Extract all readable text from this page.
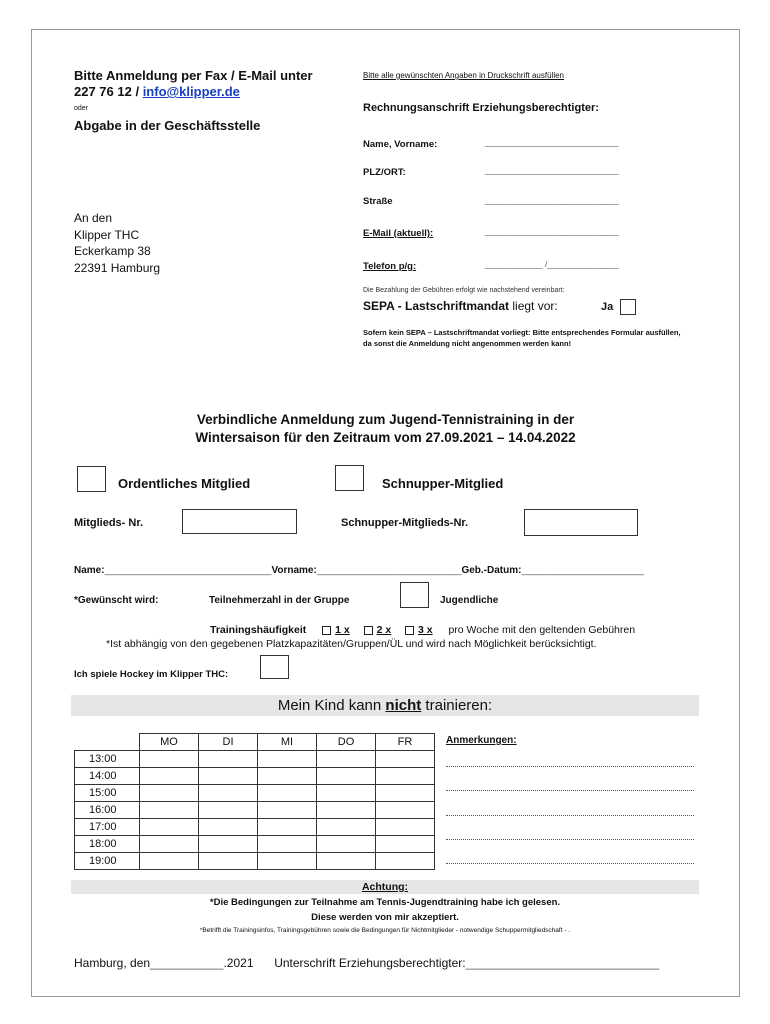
Bitte Anmeldung per Fax / E-Mail unter
227 76 12 / info@klipper.de
oder
Abgabe in der Geschäftsstelle
An den
Klipper THC
Eckerkamp 38
22391 Hamburg
Bitte alle gewünschten Angaben in Druckschrift ausfüllen
Rechnungsanschrift Erziehungsberechtigter:
Name, Vorname:	______________________________
PLZ/ORT:	______________________________
Straße	______________________________
E-Mail (aktuell):	______________________________
Telefon p/g:	_____________ /________________
Die Bezahlung der Gebühren erfolgt wie nachstehend vereinbart:
SEPA - Lastschriftmandat liegt vor:	Ja
Sofern kein SEPA – Lastschriftmandat vorliegt: Bitte entsprechendes Formular ausfüllen, da sonst die Anmeldung nicht angenommen werden kann!
Verbindliche Anmeldung zum Jugend-Tennistraining in der
Wintersaison für den Zeitraum vom 27.09.2021 – 14.04.2022
Ordentliches Mitglied	Schnupper-Mitglied
Mitglieds- Nr.	Schnupper-Mitglieds-Nr.
Name:______________________________Vorname:__________________________Geb.-Datum:______________________
*Gewünscht wird:	Teilnehmerzahl in der Gruppe	Jugendliche
Trainingshäufigkeit	1 x	2 x	3 x pro Woche mit den geltenden Gebühren
*Ist abhängig von den gegebenen Platzkapazitäten/Gruppen/ÜL und wird nach Möglichkeit berücksichtigt.
Ich spiele Hockey im Klipper THC:
Mein Kind kann nicht trainieren:
	MO	DI	MI	DO	FR
13:00					
14:00					
15:00					
16:00					
17:00					
18:00					
19:00					
Anmerkungen:
Achtung:
*Die Bedingungen zur Teilnahme am Tennis-Jugendtraining habe ich gelesen.
Diese werden von mir akzeptiert.
*Betrifft die Trainingsinfos, Trainingsgebühren sowie die Bedingungen für Nichtmitglieder - notwendige Schuppermitgliedschaft - .
Hamburg, den___________.2021 Unterschrift Erziehungsberechtigter:_____________________________
